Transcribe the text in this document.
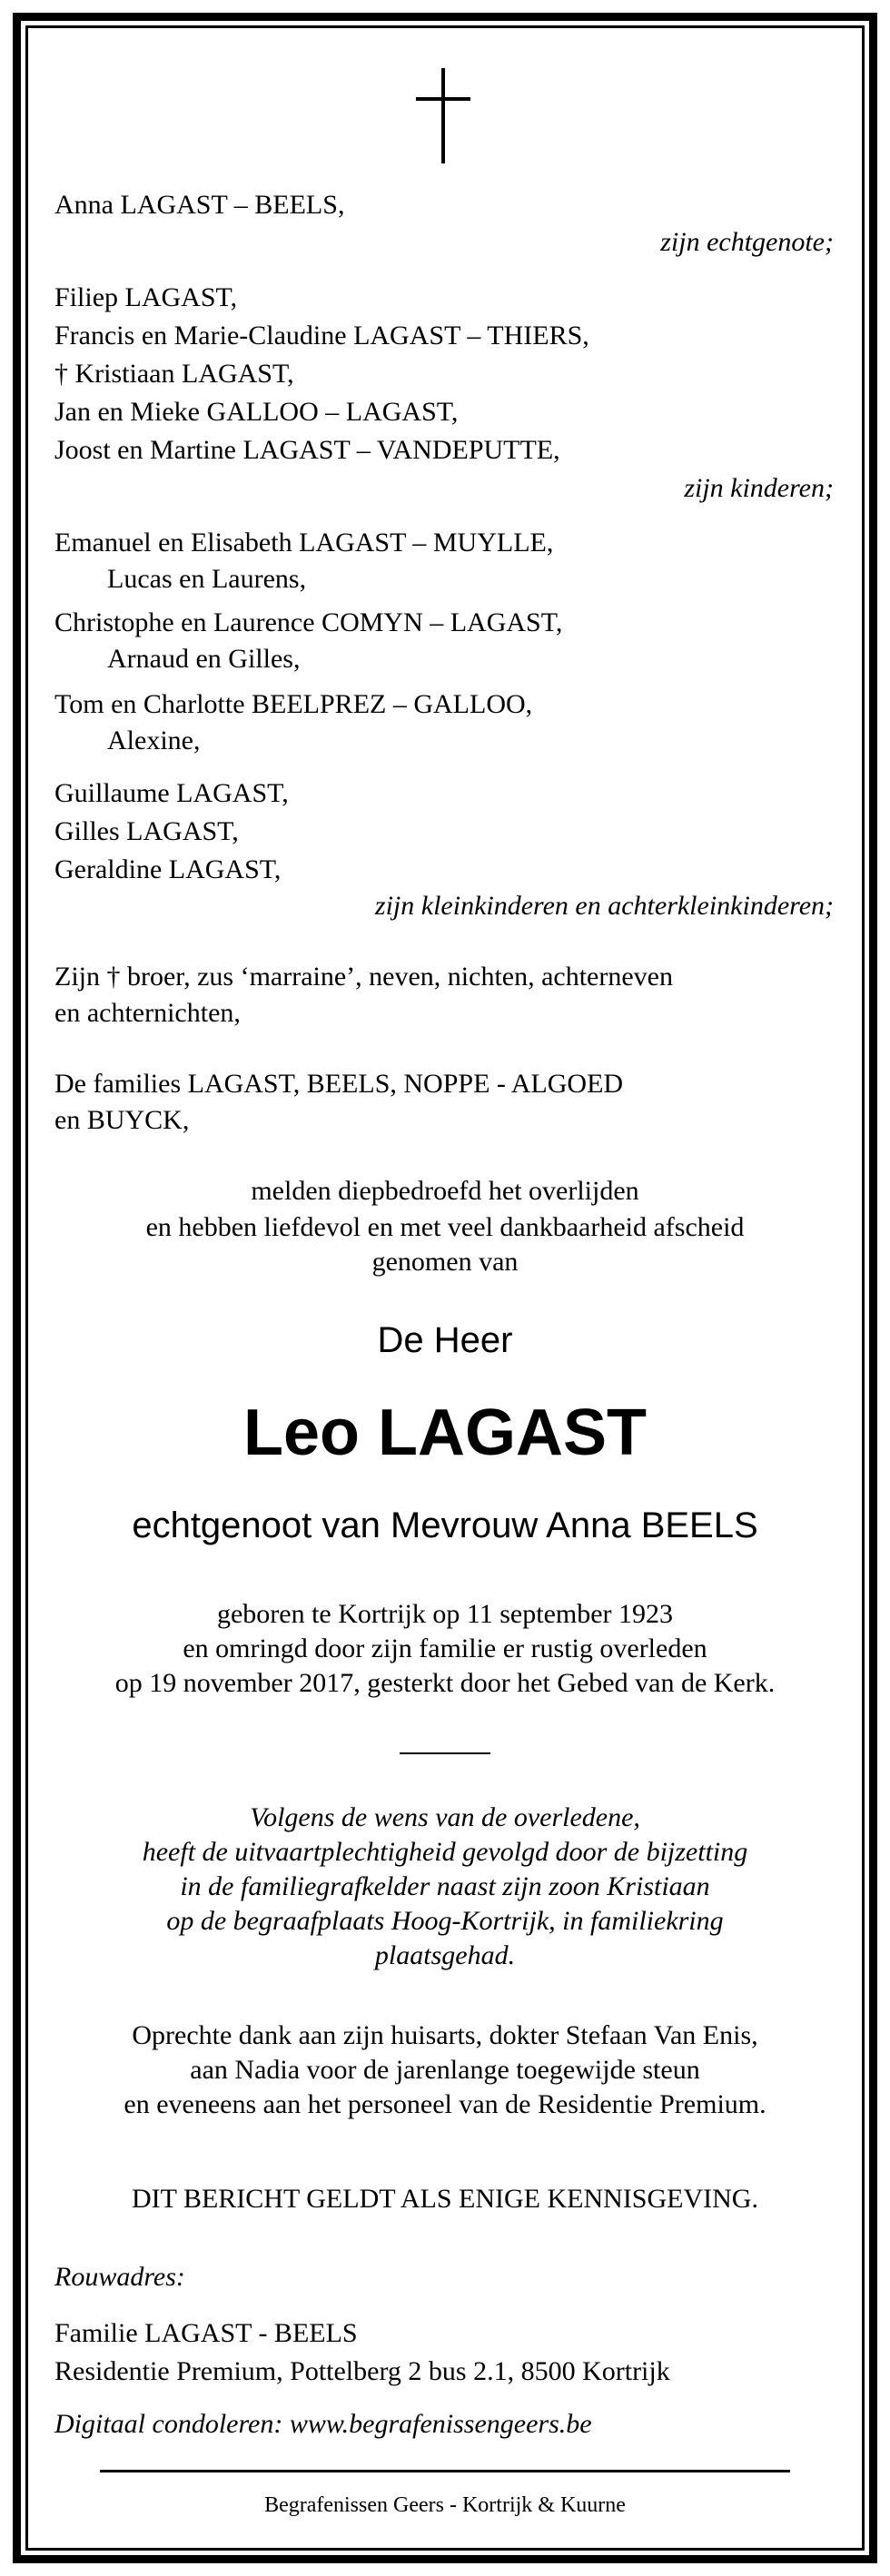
Anna LAGAST – BEELS,
zijn echtgenote;
Filiep LAGAST,
Francis en Marie-Claudine LAGAST – THIERS,
† Kristiaan LAGAST,
Jan en Mieke GALLOO – LAGAST,
Joost en Martine LAGAST – VANDEPUTTE,
zijn kinderen;
Emanuel en Elisabeth LAGAST – MUYLLE,
Lucas en Laurens,
Christophe en Laurence COMYN – LAGAST,
Arnaud en Gilles,
Tom en Charlotte BEELPREZ – GALLOO,
Alexine,
Guillaume LAGAST,
Gilles LAGAST,
Geraldine LAGAST,
zijn kleinkinderen en achterkleinkinderen;
Zijn † broer, zus ‘marraine’, neven, nichten, achterneven
en achternichten,
De families LAGAST, BEELS, NOPPE - ALGOED
en BUYCK,
melden diepbedroefd het overlijden
en hebben liefdevol en met veel dankbaarheid afscheid
genomen van
De Heer
Leo LAGAST
echtgenoot van Mevrouw Anna BEELS
geboren te Kortrijk op 11 september 1923
en omringd door zijn familie er rustig overleden
op 19 november 2017, gesterkt door het Gebed van de Kerk.
Volgens de wens van de overledene,
heeft de uitvaartplechtigheid gevolgd door de bijzetting
in de familiegrafkelder naast zijn zoon Kristiaan
op de begraafplaats Hoog-Kortrijk, in familiekring
plaatsgehad.
Oprechte dank aan zijn huisarts, dokter Stefaan Van Enis,
aan Nadia voor de jarenlange toegewijde steun
en eveneens aan het personeel van de Residentie Premium.
DIT BERICHT GELDT ALS ENIGE KENNISGEVING.
Rouwadres:
Familie LAGAST - BEELS
Residentie Premium, Pottelberg 2 bus 2.1, 8500 Kortrijk
Digitaal condoleren: www.begrafenissengeers.be
Begrafenissen Geers - Kortrijk & Kuurne
